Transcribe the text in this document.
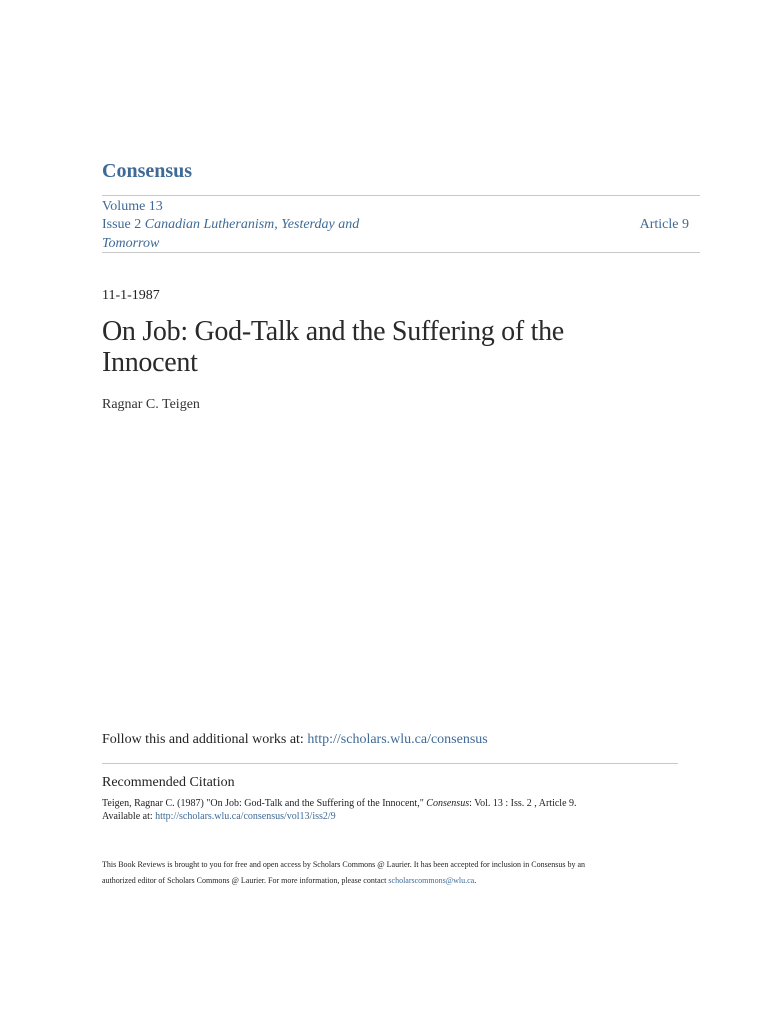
Consensus
Volume 13
Issue 2 Canadian Lutheranism, Yesterday and
Tomorrow
Article 9
11-1-1987
On Job: God-Talk and the Suffering of the
Innocent
Ragnar C. Teigen
Follow this and additional works at: http://scholars.wlu.ca/consensus
Recommended Citation
Teigen, Ragnar C. (1987) "On Job: God-Talk and the Suffering of the Innocent," Consensus: Vol. 13 : Iss. 2 , Article 9.
Available at: http://scholars.wlu.ca/consensus/vol13/iss2/9
This Book Reviews is brought to you for free and open access by Scholars Commons @ Laurier. It has been accepted for inclusion in Consensus by an
authorized editor of Scholars Commons @ Laurier. For more information, please contact scholarscommons@wlu.ca.
